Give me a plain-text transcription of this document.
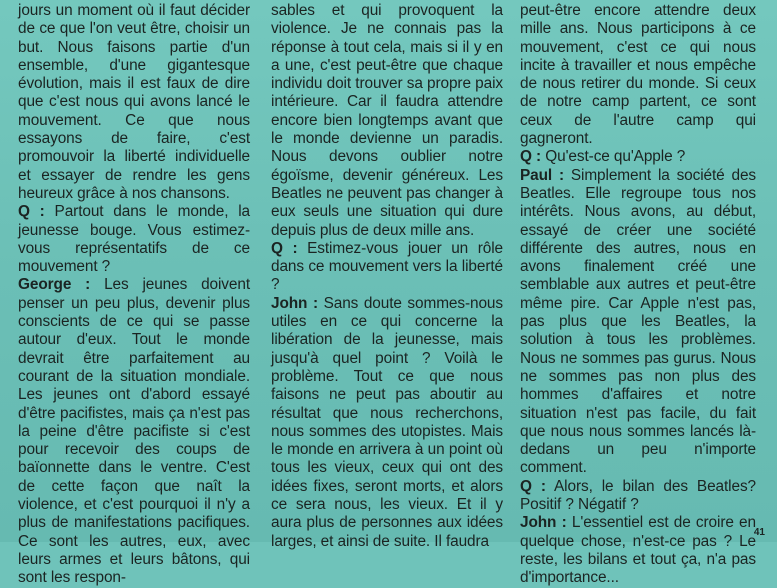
jours un moment où il faut décider de ce que l'on veut être, choisir un but. Nous faisons partie d'un ensemble, d'une gigantesque évolution, mais il est faux de dire que c'est nous qui avons lancé le mouvement. Ce que nous essayons de faire, c'est promouvoir la liberté individuelle et essayer de rendre les gens heureux grâce à nos chansons.

Q : Partout dans le monde, la jeunesse bouge. Vous estimez-vous représentatifs de ce mouvement ?

George : Les jeunes doivent penser un peu plus, devenir plus conscients de ce qui se passe autour d'eux. Tout le monde devrait être parfaitement au courant de la situation mondiale. Les jeunes ont d'abord essayé d'être pacifistes, mais ça n'est pas la peine d'être pacifiste si c'est pour recevoir des coups de baïonnette dans le ventre. C'est de cette façon que naît la violence, et c'est pourquoi il n'y a plus de manifestations pacifiques. Ce sont les autres, eux, avec leurs armes et leurs bâtons, qui sont les respon-

sables et qui provoquent la violence. Je ne connais pas la réponse à tout cela, mais si il y en a une, c'est peut-être que chaque individu doit trouver sa propre paix intérieure. Car il faudra attendre encore bien longtemps avant que le monde devienne un paradis. Nous devons oublier notre égoïsme, devenir généreux. Les Beatles ne peuvent pas changer à eux seuls une situation qui dure depuis plus de deux mille ans.

Q : Estimez-vous jouer un rôle dans ce mouvement vers la liberté ?

John : Sans doute sommes-nous utiles en ce qui concerne la libération de la jeunesse, mais jusqu'à quel point ? Voilà le problème. Tout ce que nous faisons ne peut pas aboutir au résultat que nous recherchons, nous sommes des utopistes. Mais le monde en arrivera à un point où tous les vieux, ceux qui ont des idées fixes, seront morts, et alors ce sera nous, les vieux. Et il y aura plus de personnes aux idées larges, et ainsi de suite. Il faudra

peut-être encore attendre deux mille ans. Nous participons à ce mouvement, c'est ce qui nous incite à travailler et nous empêche de nous retirer du monde. Si ceux de notre camp partent, ce sont ceux de l'autre camp qui gagneront.

Q : Qu'est-ce qu'Apple ?

Paul : Simplement la société des Beatles. Elle regroupe tous nos intérêts. Nous avons, au début, essayé de créer une société différente des autres, nous en avons finalement créé une semblable aux autres et peut-être même pire. Car Apple n'est pas, pas plus que les Beatles, la solution à tous les problèmes. Nous ne sommes pas gurus. Nous ne sommes pas non plus des hommes d'affaires et notre situation n'est pas facile, du fait que nous nous sommes lancés là-dedans un peu n'importe comment.

Q : Alors, le bilan des Beatles? Positif ? Négatif ?

John : L'essentiel est de croire en quelque chose, n'est-ce pas ? Le reste, les bilans et tout ça, n'a pas d'importance...

41
